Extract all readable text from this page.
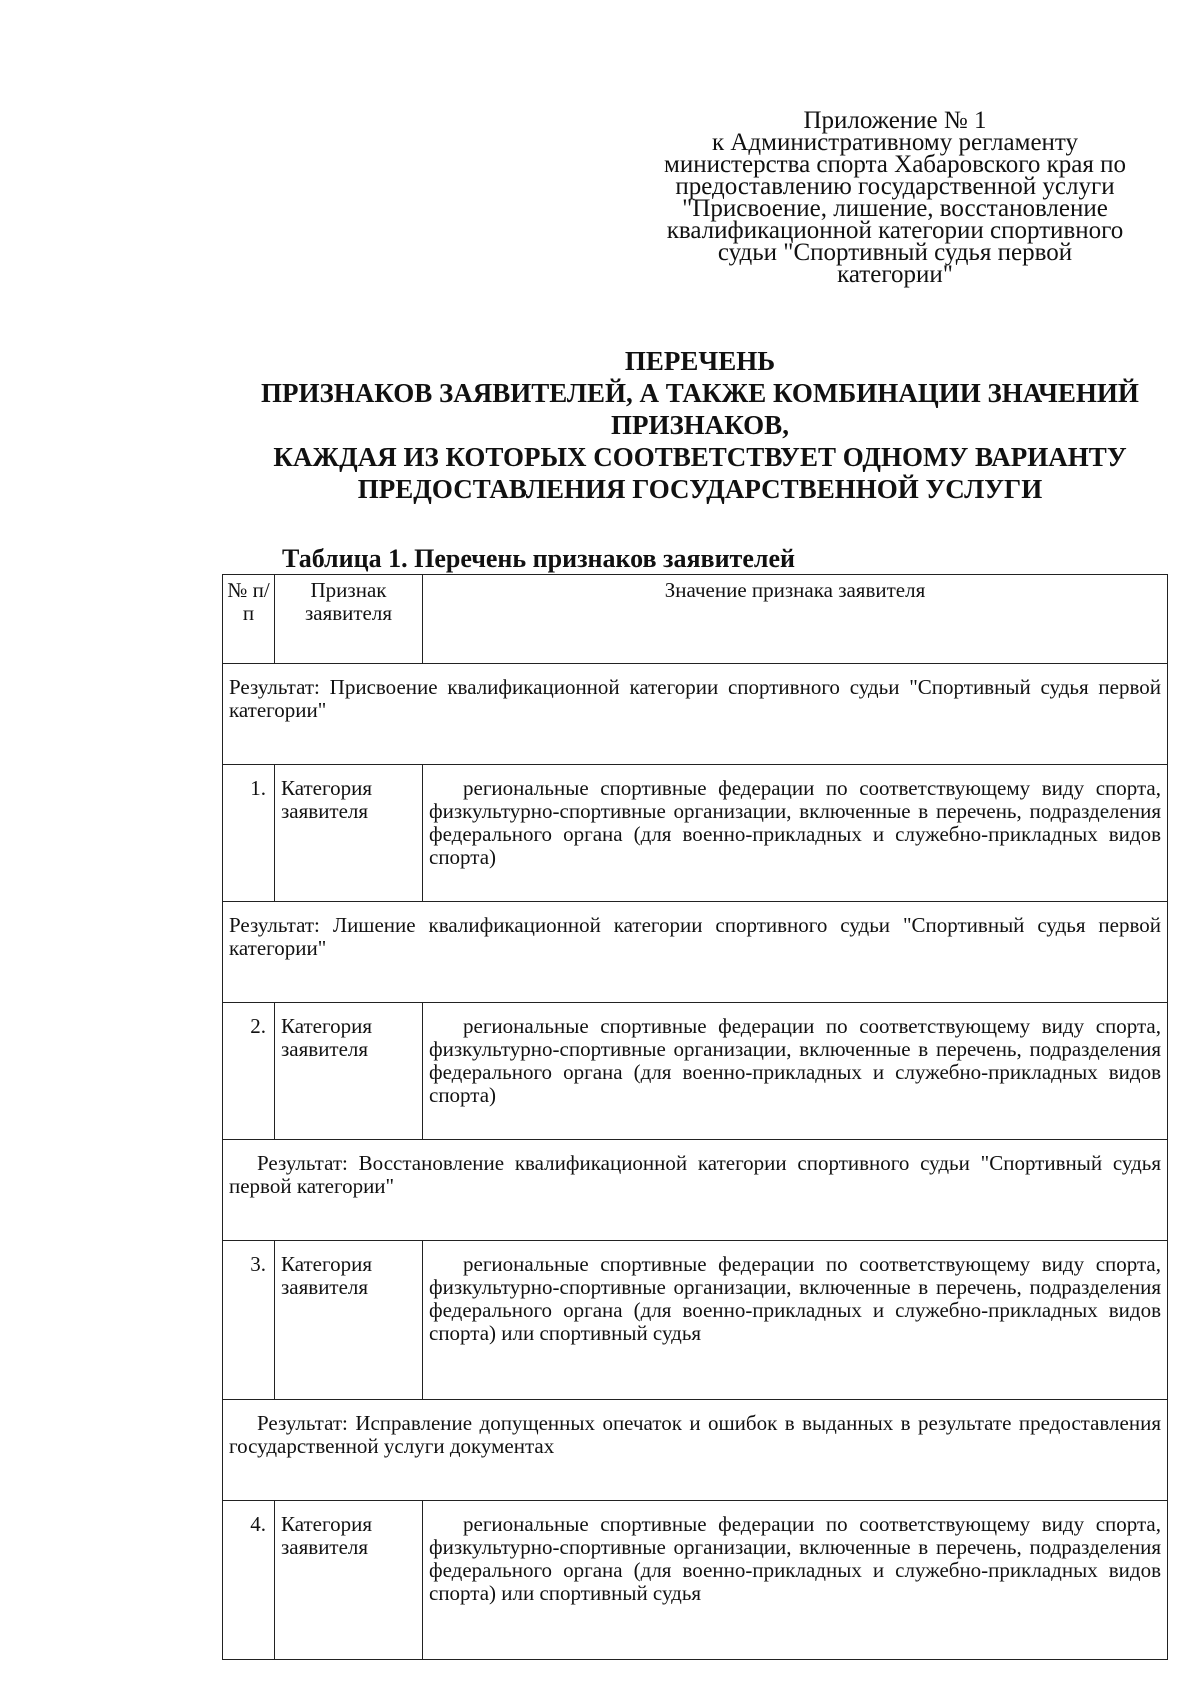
Приложение № 1
к Административному регламенту
министерства спорта Хабаровского края по
предоставлению государственной услуги
"Присвоение, лишение, восстановление
квалификационной категории спортивного
судьи "Спортивный судья первой
категории"
ПЕРЕЧЕНЬ
ПРИЗНАКОВ ЗАЯВИТЕЛЕЙ, А ТАКЖЕ КОМБИНАЦИИ ЗНАЧЕНИЙ
ПРИЗНАКОВ,
КАЖДАЯ ИЗ КОТОРЫХ СООТВЕТСТВУЕТ ОДНОМУ ВАРИАНТУ
ПРЕДОСТАВЛЕНИЯ ГОСУДАРСТВЕННОЙ УСЛУГИ
Таблица 1. Перечень признаков заявителей
№ п/п	Признак заявителя	Значение признака заявителя
Результат: Присвоение квалификационной категории спортивного судьи "Спортивный судья первой категории"		
1.	Категория заявителя	региональные спортивные федерации по соответствующему виду спорта, физкультурно-спортивные организации, включенные в перечень, подразделения федерального органа (для военно-прикладных и служебно-прикладных видов спорта)
Результат: Лишение квалификационной категории спортивного судьи "Спортивный судья первой категории"		
2.	Категория заявителя	региональные спортивные федерации по соответствующему виду спорта, физкультурно-спортивные организации, включенные в перечень, подразделения федерального органа (для военно-прикладных и служебно-прикладных видов спорта)
Результат: Восстановление квалификационной категории спортивного судьи "Спортивный судья первой категории"		
3.	Категория заявителя	региональные спортивные федерации по соответствующему виду спорта, физкультурно-спортивные организации, включенные в перечень, подразделения федерального органа (для военно-прикладных и служебно-прикладных видов спорта) или спортивный судья
Результат: Исправление допущенных опечаток и ошибок в выданных в результате предоставления государственной услуги документах		
4.	Категория заявителя	региональные спортивные федерации по соответствующему виду спорта, физкультурно-спортивные организации, включенные в перечень, подразделения федерального органа (для военно-прикладных и служебно-прикладных видов спорта) или спортивный судья
